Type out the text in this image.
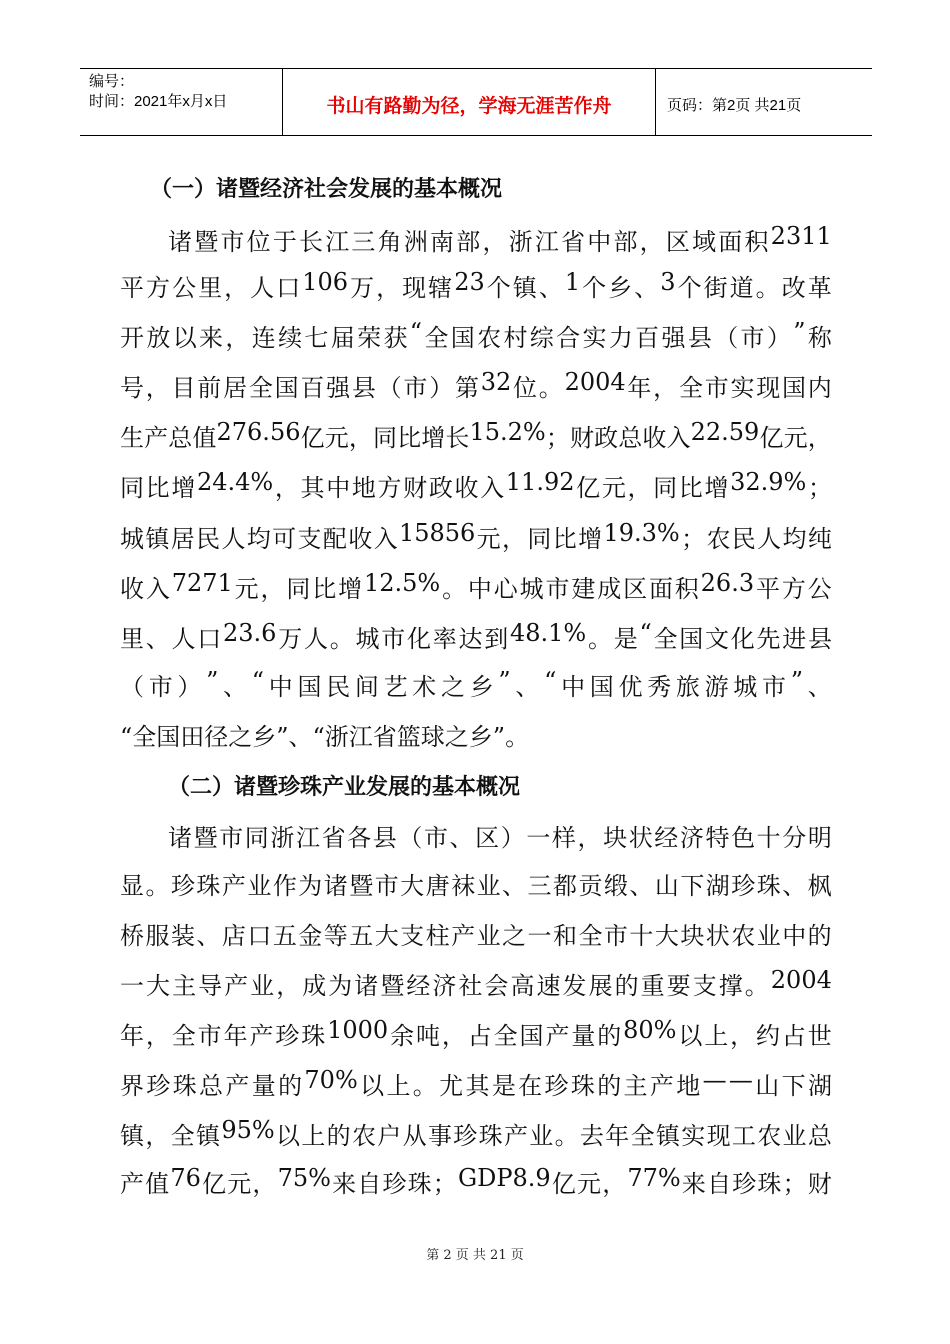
编号：
时间：2021年x月x日	书山有路勤为径，学海无涯苦作舟	页码：第2页 共21页
（一）诸暨经济社会发展的基本概况
诸 暨 市 位 于 长 江 三 角 洲 南 部 ， 浙 江 省 中 部 ， 区 域 面 积 2311
平 方 公 里 ， 人 口 106 万 ， 现 辖 23 个 镇 、 1 个 乡 、 3 个 街 道 。 改 革
开 放 以 来 ， 连 续 七 届 荣 获 “ 全 国 农 村 综 合 实 力 百 强 县 （ 市 ） ” 称
号 ， 目 前 居 全 国 百 强 县 （ 市 ） 第 32 位 。 2004 年 ， 全 市 实 现 国 内
生 产 总 值 276.56 亿 元 ， 同 比 增 长 15.2% ； 财 政 总 收 入 22.59 亿 元 ，
同 比 增 24.4% ， 其 中 地 方 财 政 收 入 11.92 亿 元 ， 同 比 增 32.9% ；
城 镇 居 民 人 均 可 支 配 收 入 15856 元 ， 同 比 增 19.3% ； 农 民 人 均 纯
收 入 7271 元 ， 同 比 增 12.5% 。 中 心 城 市 建 成 区 面 积 26.3 平 方 公
里 、 人 口 23.6 万 人 。 城 市 化 率 达 到 48.1% 。 是 “ 全 国 文 化 先 进 县
（ 市 ） ” 、 “ 中 国 民 间 艺 术 之 乡 ” 、 “ 中 国 优 秀 旅 游 城 市 ” 、
“全国田径之乡”、“浙江省篮球之乡”。
（二）诸暨珍珠产业发展的基本概况
诸 暨 市 同 浙 江 省 各 县 （ 市 、 区 ） 一 样 ， 块 状 经 济 特 色 十 分 明
显 。 珍 珠 产 业 作 为 诸 暨 市 大 唐 袜 业 、 三 都 贡 缎 、 山 下 湖 珍 珠 、 枫
桥 服 装 、 店 口 五 金 等 五 大 支 柱 产 业 之 一 和 全 市 十 大 块 状 农 业 中 的
一 大 主 导 产 业 ， 成 为 诸 暨 经 济 社 会 高 速 发 展 的 重 要 支 撑 。 2004
年 ， 全 市 年 产 珍 珠 1000 余 吨 ， 占 全 国 产 量 的 80% 以 上 ， 约 占 世
界 珍 珠 总 产 量 的 70% 以 上 。 尤 其 是 在 珍 珠 的 主 产 地 — — 山 下 湖
镇 ， 全 镇 95% 以 上 的 农 户 从 事 珍 珠 产 业 。 去 年 全 镇 实 现 工 农 业 总
产 值 76 亿 元 ， 75% 来 自 珍 珠 ； GDP8.9 亿 元 ， 77% 来 自 珍 珠 ； 财
第 2 页 共 21 页
